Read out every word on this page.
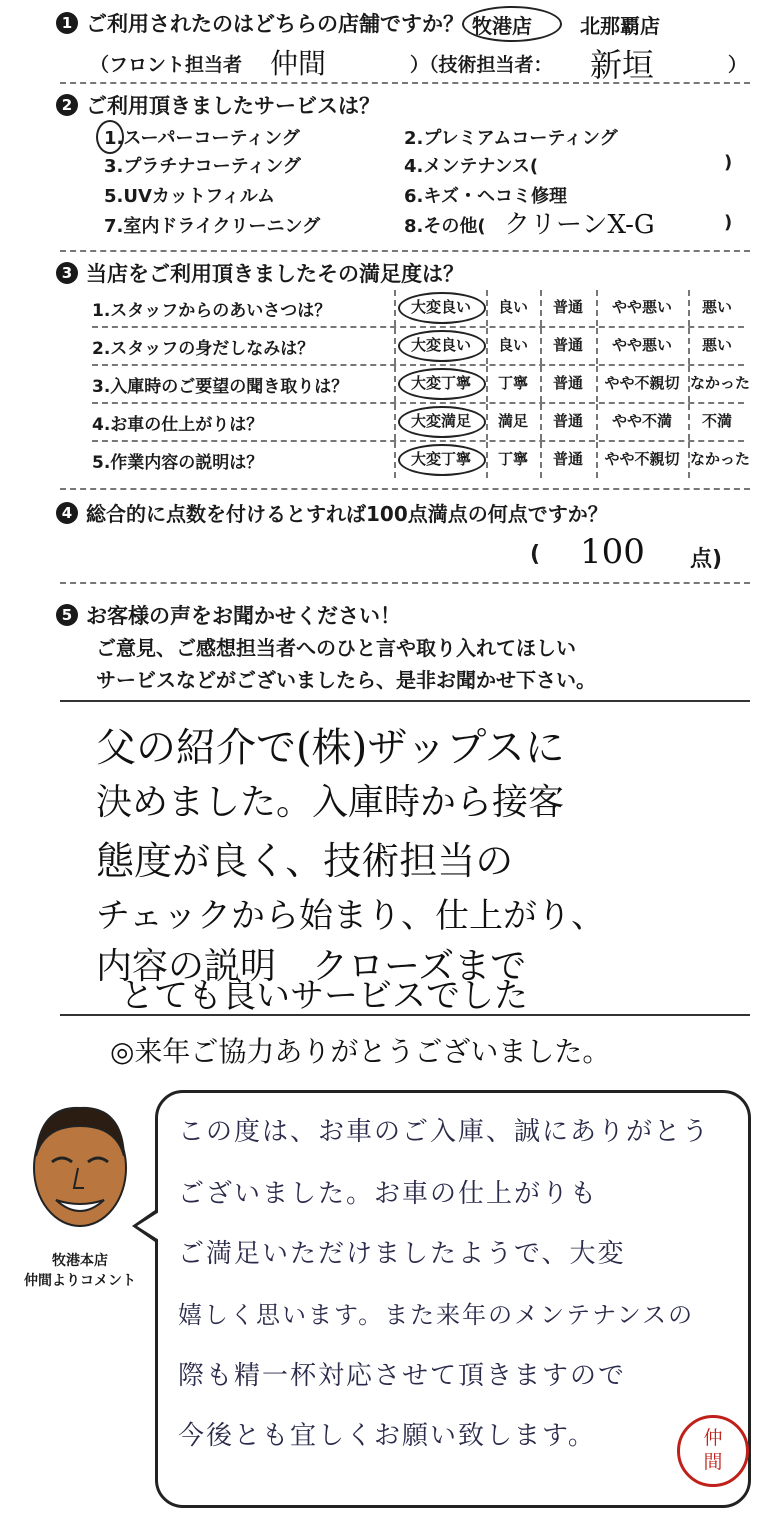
1 ご利用されたのはどちらの店舗ですか？ 牧港店 北那覇店
（フロント担当者 仲間	）（技術担当者： 新垣	）
2 ご利用頂きましたサービスは？
1.スーパーコーティング	2.プレミアムコーティング
3.プラチナコーティング	4.メンテナンス(	)
5.UVカットフィルム	6.キズ・ヘコミ修理
7.室内ドライクリーニング	8.その他( クリーンX-G	)
3 当店をご利用頂きましたその満足度は？
1.スタッフからのあいさつは？	大変良い	良い	普通	やや悪い	悪い
2.スタッフの身だしなみは？	大変良い	良い	普通	やや悪い	悪い
3.入庫時のご要望の聞き取りは？	大変丁寧	丁寧	普通	やや不親切 なかった
4.お車の仕上がりは？	大変満足	満足	普通	やや不満	不満
5.作業内容の説明は？	大変丁寧	丁寧	普通	やや不親切 なかった
4 総合的に点数を付けるとすれば100点満点の何点ですか？
( 100 点)
5 お客様の声をお聞かせください！
ご意見、ご感想担当者へのひと言や取り入れてほしい
サービスなどがございましたら、是非お聞かせ下さい。
父の紹介で(株)ザップスに
決めました。入庫時から接客
態度が良く、技術担当の
チェックから始まり、仕上がり、
内容の説明　クローズまで
とても良いサービスでした
◎来年ご協力ありがとうございました。
牧港本店
仲間よりコメント
この度は、お車のご入庫、誠にありがとう
ございました。お車の仕上がりも
ご満足いただけましたようで、大変
嬉しく思います。また来年のメンテナンスの
際も精一杯対応させて頂きますので
今後とも宜しくお願い致します。	仲
間
